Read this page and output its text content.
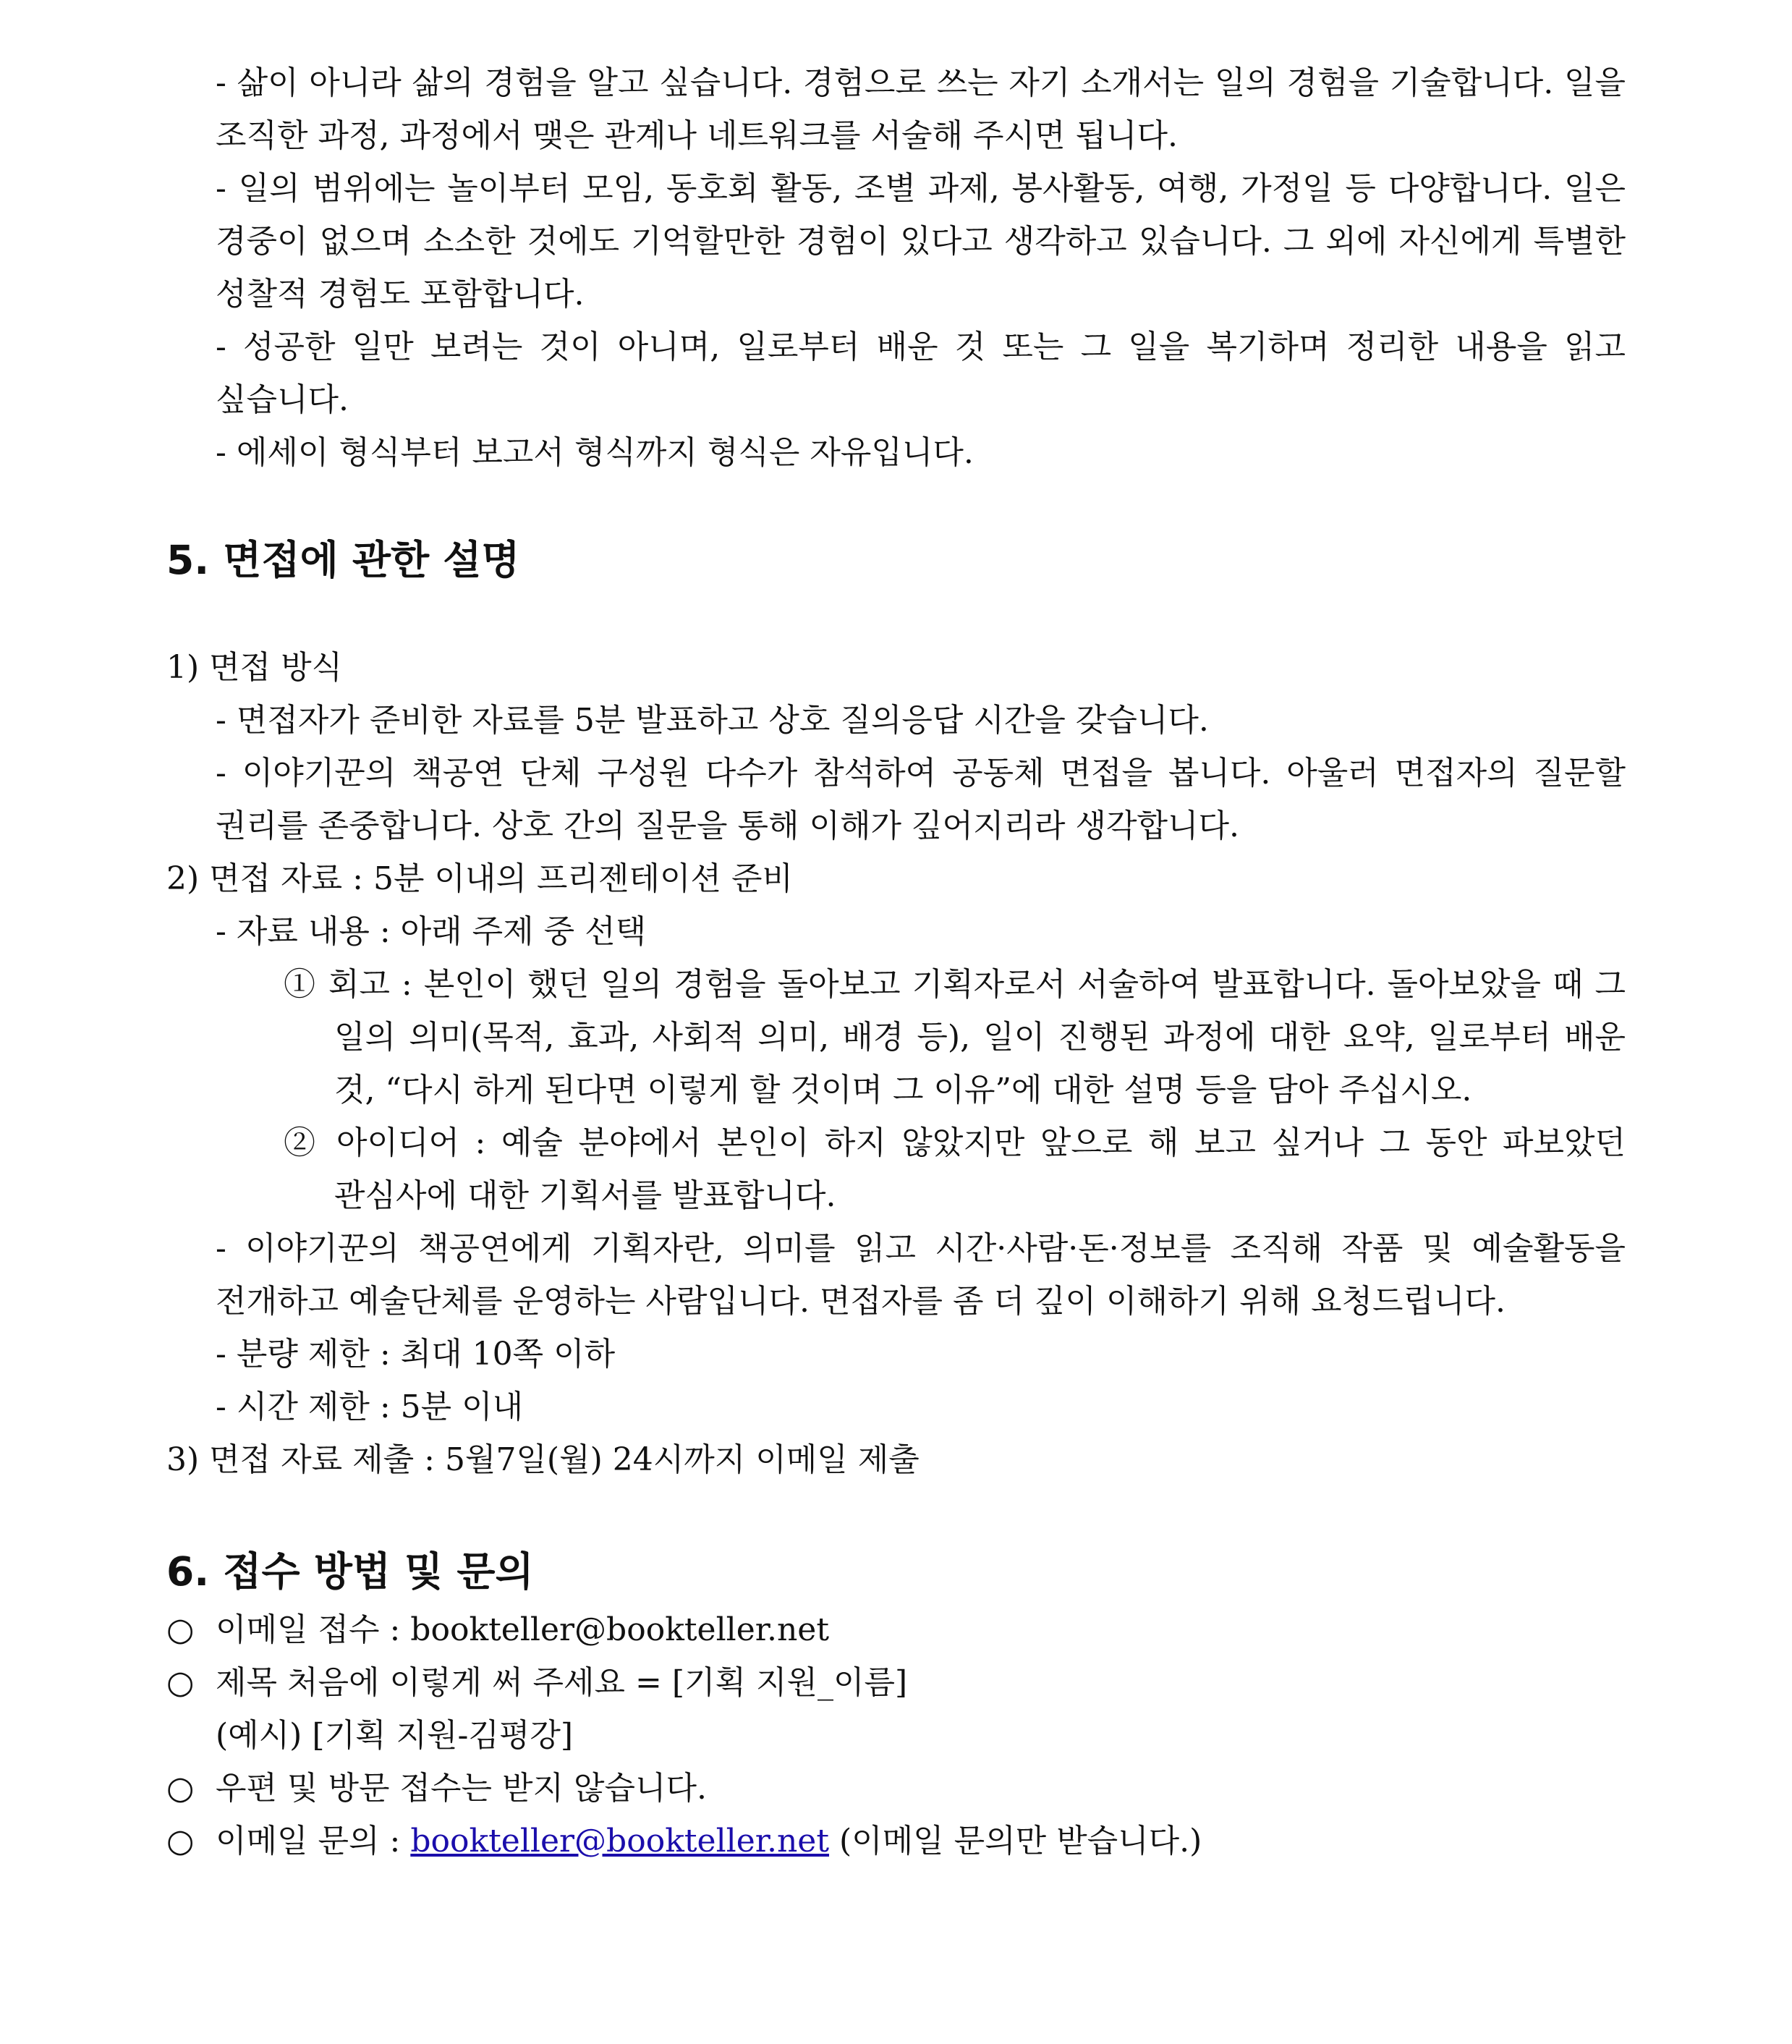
- 삶이 아니라 삶의 경험을 알고 싶습니다. 경험으로 쓰는 자기 소개서는 일의 경험을 기술합니다. 일을 조직한 과정, 과정에서 맺은 관계나 네트워크를 서술해 주시면 됩니다.

- 일의 범위에는 놀이부터 모임, 동호회 활동, 조별 과제, 봉사활동, 여행, 가정일 등 다양합니다. 일은 경중이 없으며 소소한 것에도 기억할만한 경험이 있다고 생각하고 있습니다. 그 외에 자신에게 특별한 성찰적 경험도 포함합니다.

- 성공한 일만 보려는 것이 아니며, 일로부터 배운 것 또는 그 일을 복기하며 정리한 내용을 읽고 싶습니다.

- 에세이 형식부터 보고서 형식까지 형식은 자유입니다.

5. 면접에 관한 설명

1) 면접 방식

- 면접자가 준비한 자료를 5분 발표하고 상호 질의응답 시간을 갖습니다.

- 이야기꾼의 책공연 단체 구성원 다수가 참석하여 공동체 면접을 봅니다. 아울러 면접자의 질문할 권리를 존중합니다. 상호 간의 질문을 통해 이해가 깊어지리라 생각합니다.

2) 면접 자료 : 5분 이내의 프리젠테이션 준비

- 자료 내용 : 아래 주제 중 선택

① 회고 : 본인이 했던 일의 경험을 돌아보고 기획자로서 서술하여 발표합니다. 돌아보았을 때 그 일의 의미(목적, 효과, 사회적 의미, 배경 등), 일이 진행된 과정에 대한 요약, 일로부터 배운 것, “다시 하게 된다면 이렇게 할 것이며 그 이유”에 대한 설명 등을 담아 주십시오.

② 아이디어 : 예술 분야에서 본인이 하지 않았지만 앞으로 해 보고 싶거나 그 동안 파보았던 관심사에 대한 기획서를 발표합니다.

- 이야기꾼의 책공연에게 기획자란, 의미를 읽고 시간·사람·돈·정보를 조직해 작품 및 예술활동을 전개하고 예술단체를 운영하는 사람입니다. 면접자를 좀 더 깊이 이해하기 위해 요청드립니다.

- 분량 제한 : 최대 10쪽 이하

- 시간 제한 : 5분 이내

3) 면접 자료 제출 : 5월7일(월) 24시까지 이메일 제출

6. 접수 방법 및 문의

○ 이메일 접수 : bookteller@bookteller.net

○ 제목 처음에 이렇게 써 주세요 = [기획 지원_이름]

(예시) [기획 지원-김평강]

○ 우편 및 방문 접수는 받지 않습니다.

○ 이메일 문의 : bookteller@bookteller.net (이메일 문의만 받습니다.)
